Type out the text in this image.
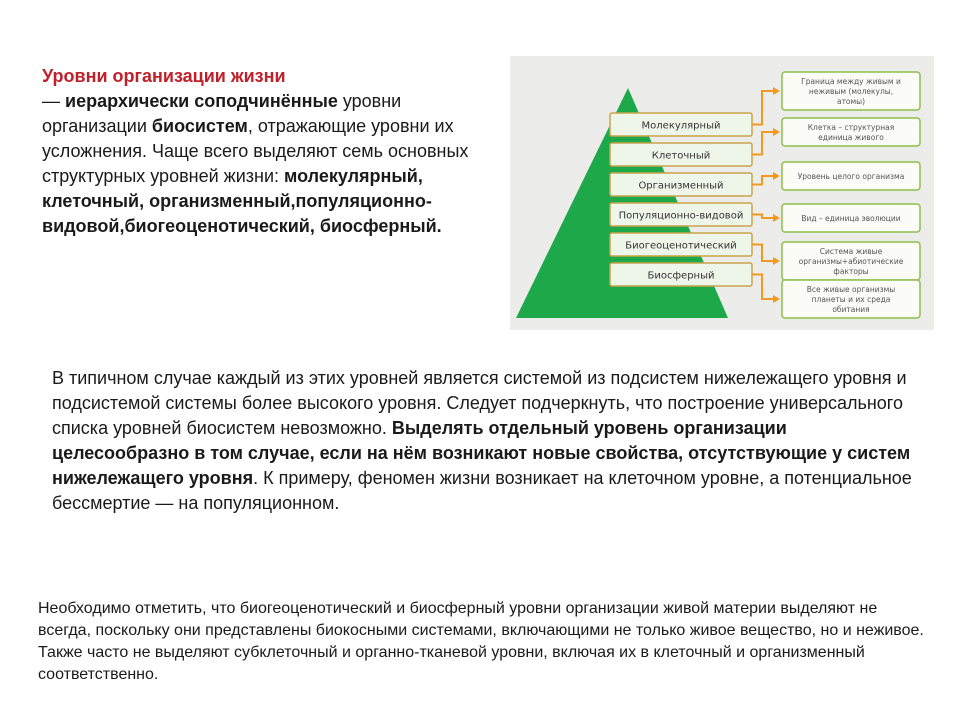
Уровни организации жизни
— иерархически соподчинённые уровни организации биосистем, отражающие уровни их усложнения. Чаще всего выделяют семь основных структурных уровней жизни: молекулярный, клеточный, организменный,популяционно-видовой,биогеоценотический, биосферный.
Молекулярный
Клеточный
Организменный
Популяционно-видовой
Биогеоценотический
Биосферный
Граница между живым и
неживым (молекулы,
атомы)
Клетка – структурная
единица живого
Уровень целого организма
Вид – единица эволюции
Система живые
организмы+абиотические
факторы
Все живые организмы
планеты и их среда
обитания
В типичном случае каждый из этих уровней является системой из подсистем нижележащего уровня и подсистемой системы более высокого уровня. Следует подчеркнуть, что построение универсального списка уровней биосистем невозможно. Выделять отдельный уровень организации целесообразно в том случае, если на нём возникают новые свойства, отсутствующие у систем нижележащего уровня. К примеру, феномен жизни возникает на клеточном уровне, а потенциальное бессмертие — на популяционном.
Необходимо отметить, что биогеоценотический и биосферный уровни организации живой материи выделяют не всегда, поскольку они представлены биокосными системами, включающими не только живое вещество, но и неживое. Также часто не выделяют субклеточный и органно-тканевой уровни, включая их в клеточный и организменный соответственно.
